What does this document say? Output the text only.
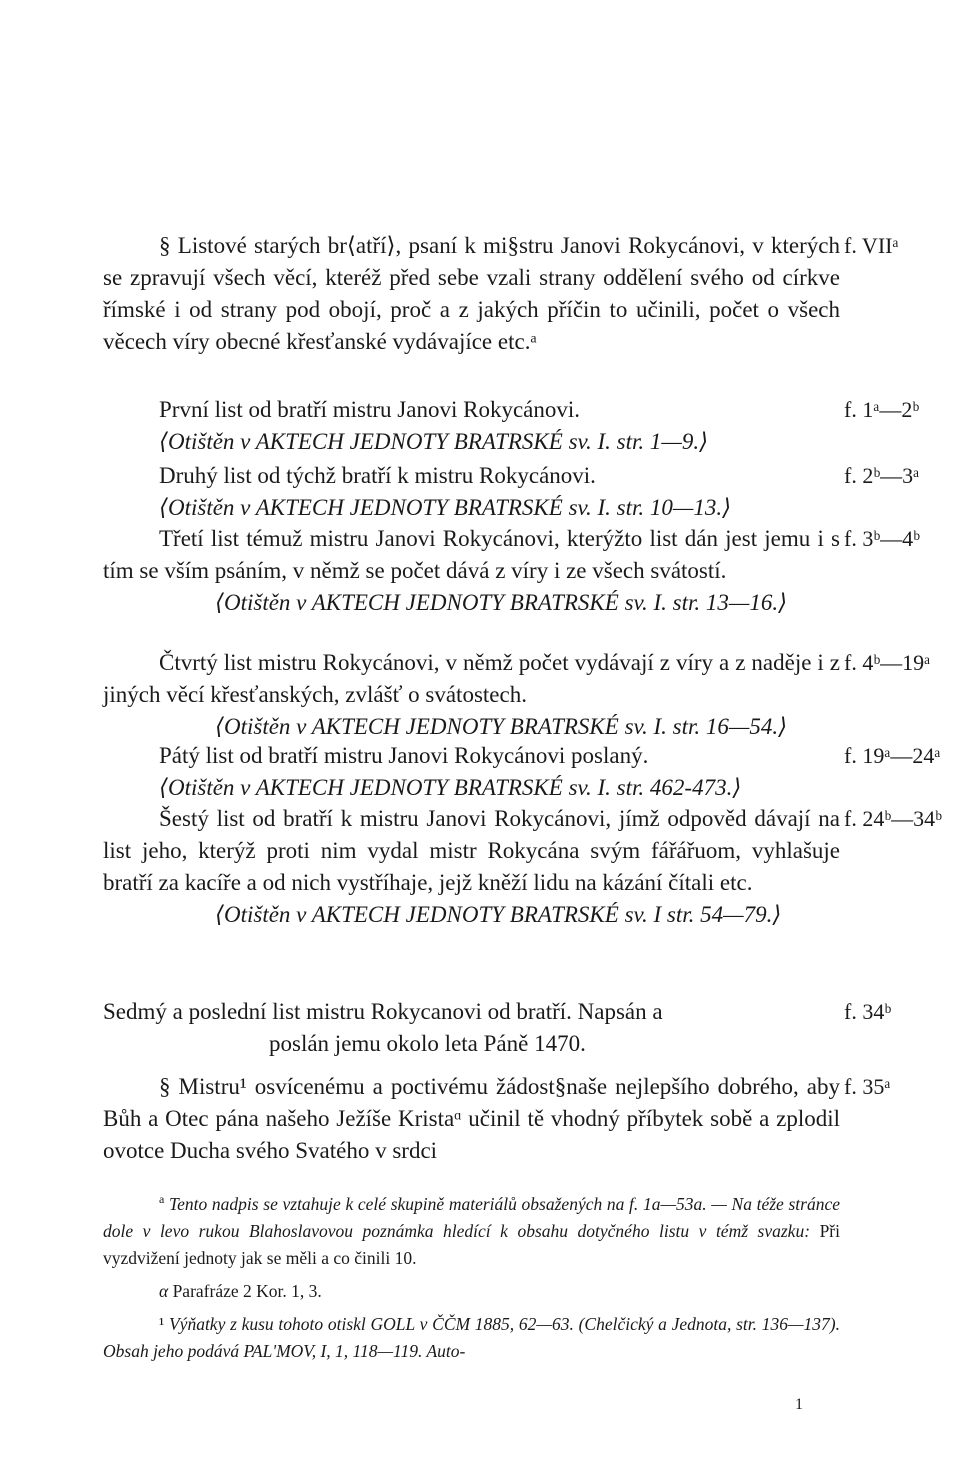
§ Listové starých br⟨atří⟩, psaní k mi§stru Janovi Rokycánovi, v kterých se zpravují všech věcí, kteréž před sebe vzali strany oddělení svého od církve římské i od strany pod obojí, proč a z jakých příčin to učinili, počet o všech věcech víry obecné křesťanské vydávajíce etc.ᵃ
f. VIIᵃ
První list od bratří mistru Janovi Rokycánovi.
⟨Otištěn v AKTECH JEDNOTY BRATRSKÉ sv. I. str. 1—9.⟩
f. 1ᵃ—2ᵇ
Druhý list od týchž bratří k mistru Rokycánovi.
⟨Otištěn v AKTECH JEDNOTY BRATRSKÉ sv. I. str. 10—13.⟩
f. 2ᵇ—3ᵃ
Třetí list témuž mistru Janovi Rokycánovi, kterýžto list dán jest jemu i s tím se vším psáním, v němž se počet dává z víry i ze všech svátostí.
⟨Otištěn v AKTECH JEDNOTY BRATRSKÉ sv. I. str. 13—16.⟩
f. 3ᵇ—4ᵇ
Čtvrtý list mistru Rokycánovi, v němž počet vydávají z víry a z naděje i z jiných věcí křesťanských, zvlášť o svátostech.
⟨Otištěn v AKTECH JEDNOTY BRATRSKÉ sv. I. str. 16—54.⟩
f. 4ᵇ—19ᵃ
Pátý list od bratří mistru Janovi Rokycánovi poslaný.
⟨Otištěn v AKTECH JEDNOTY BRATRSKÉ sv. I. str. 462-473.⟩
f. 19ᵃ—24ᵃ
Šestý list od bratří k mistru Janovi Rokycánovi, jímž odpověd dávají na list jeho, kterýž proti nim vydal mistr Rokycána svým fářářuom, vyhlašuje bratří za kacíře a od nich vystříhaje, jejž kněží lidu na kázání čítali etc.
⟨Otištěn v AKTECH JEDNOTY BRATRSKÉ sv. I str. 54—79.⟩
f. 24ᵇ—34ᵇ
Sedmý a poslední list mistru Rokycanovi od bratří. Napsán a
poslán jemu okolo leta Páně 1470.
f. 34ᵇ
§ Mistru¹ osvícenému a poctivému žádost§naše nejlepšího dobrého, aby Bůh a Otec pána našeho Ježíše Kristaᵅ učinil tě vhodný příbytek sobě a zplodil ovotce Ducha svého Svatého v srdci
f. 35ᵃ
$^a$ Tento nadpis se vztahuje k celé skupině materiálů obsažených na f. 1a—53a. — Na téže stránce dole v levo rukou Blahoslavovou poznámka hledící k obsahu dotyčného listu v témž svazku: Při vyzdvižení jednoty jak se měli a co činili 10.
α Parafráze 2 Kor. 1, 3.
¹ Výňatky z kusu tohoto otiskl GOLL v ČČM 1885, 62—63. (Chelčický a Jednota, str. 136—137). Obsah jeho podává PAL'MOV, I, 1, 118—119. Auto-
1
